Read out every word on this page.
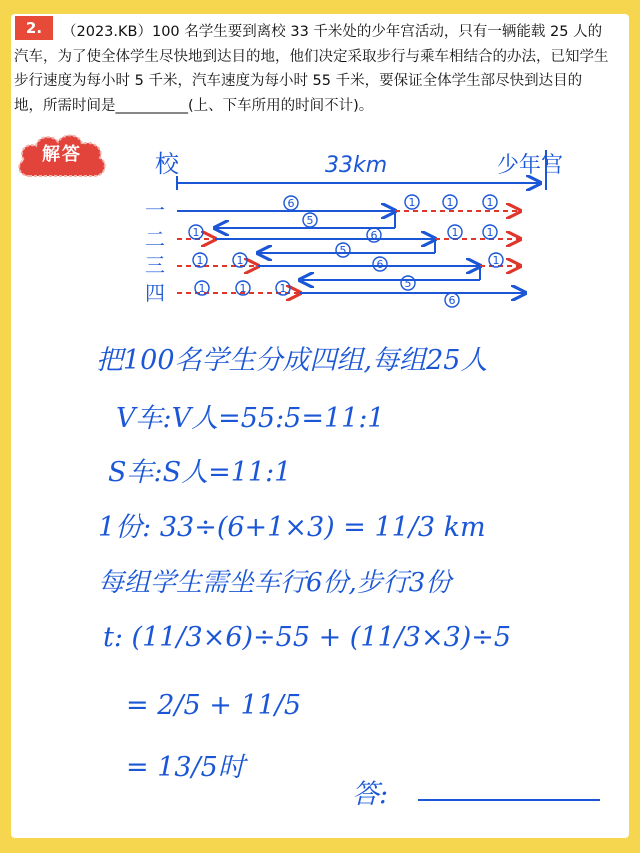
2.	（2023.KB）100 名学生要到离校 33 千米处的少年宫活动，只有一辆能载 25 人的汽车，为了使全体学生尽快地到达目的地，他们决定采取步行与乘车相结合的办法，已知学生步行速度为每小时 5 千米，汽车速度为每小时 55 千米，要保证全体学生部尽快到达目的地，所需时间是__________(上、下车所用的时间不计)。
解答	校	33km	少年宫
一
二
三
四
6
5
1	1	1
1
5
6	1	1
1	1
5
6	1
1	1	1
6
把100名学生分成四组,每组25人
V车:V人=55:5=11:1
S车:S人=11:1
1份: 33÷(6+1×3) = 11/3 km
每组学生需坐车行6份,步行3份
t: (11/3×6)÷55 + (11/3×3)÷5
= 2/5 + 11/5
= 13/5时
答:
